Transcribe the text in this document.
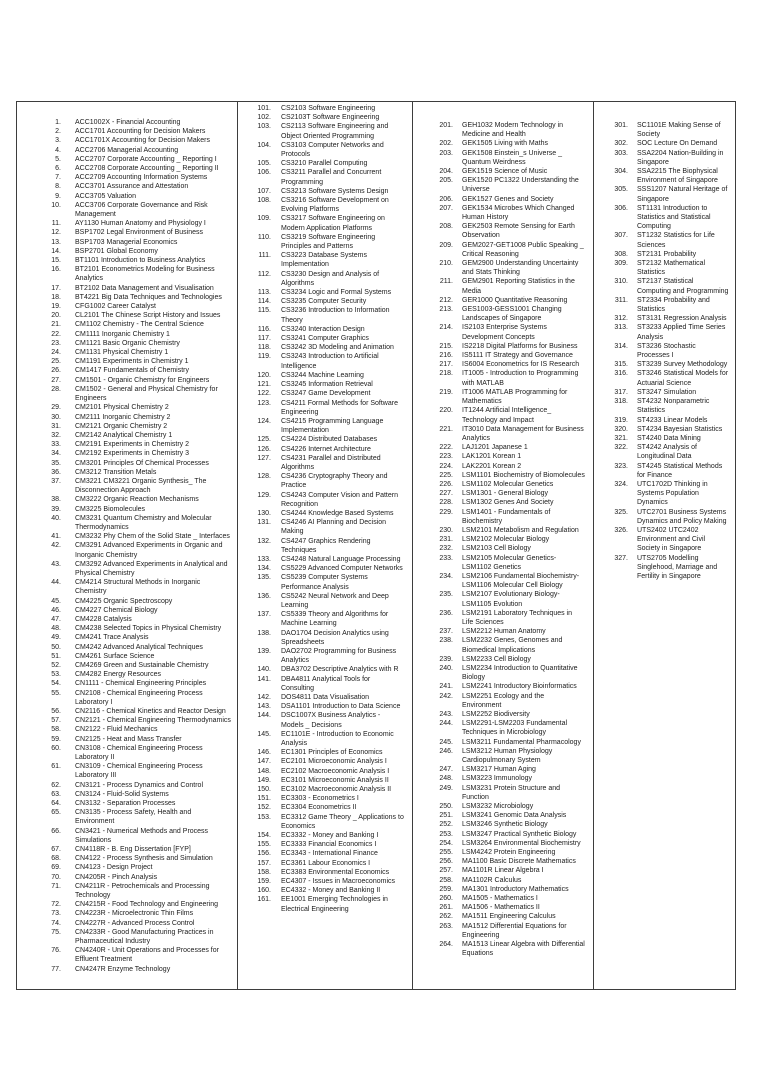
1.	ACC1002X - Financial Accounting
2.	ACC1701 Accounting for Decision Makers
3.	ACC1701X Accounting for Decision Makers
4.	ACC2706 Managerial Accounting
5.	ACC2707 Corporate Accounting _ Reporting I
6.	ACC2708 Corporate Accounting _ Reporting II
7.	ACC2709 Accounting Information Systems
8.	ACC3701 Assurance and Attestation
9.	ACC3705 Valuation
10.	ACC3706 Corporate Governance and Risk Management
11.	AY1130 Human Anatomy and Physiology I
12.	BSP1702 Legal Environment of Business
13.	BSP1703 Managerial Economics
14.	BSP2701 Global Economy
15.	BT1101 Introduction to Business Analytics
16.	BT2101 Econometrics Modeling for Business Analytics
17.	BT2102 Data Management and Visualisation
18.	BT4221 Big Data Techniques and Technologies
19.	CFG1002 Career Catalyst
20.	CL2101 The Chinese Script History and Issues
21.	CM1102 Chemistry - The Central Science
22.	CM1111 Inorganic Chemistry 1
23.	CM1121 Basic Organic Chemistry
24.	CM1131 Physical Chemistry 1
25.	CM1191 Experiments in Chemistry 1
26.	CM1417 Fundamentals of Chemistry
27.	CM1501 - Organic Chemistry for Engineers
28.	CM1502 - General and Physical Chemistry for Engineers
29.	CM2101 Physical Chemistry 2
30.	CM2111 Inorganic Chemistry 2
31.	CM2121 Organic Chemistry 2
32.	CM2142 Analytical Chemistry 1
33.	CM2191 Experiments in Chemistry 2
34.	CM2192 Experiments in Chemistry 3
35.	CM3201 Principles Of Chemical Processes
36.	CM3212 Transition Metals
37.	CM3221 CM3221 Organic Synthesis_ The Disconnection Approach
38.	CM3222 Organic Reaction Mechanisms
39.	CM3225 Biomolecules
40.	CM3231 Quantum Chemistry and Molecular Thermodynamics
41.	CM3232 Phy Chem of the Solid State _ Interfaces
42.	CM3291 Advanced Experiments in Organic and Inorganic Chemistry
43.	CM3292 Advanced Experiments in Analytical and Physical Chemistry
44.	CM4214 Structural Methods in Inorganic Chemistry
45.	CM4225 Organic Spectroscopy
46.	CM4227 Chemical Biology
47.	CM4228 Catalysis
48.	CM4238 Selected Topics in Physical Chemistry
49.	CM4241 Trace Analysis
50.	CM4242 Advanced Analytical Techniques
51.	CM4261 Surface Science
52.	CM4269 Green and Sustainable Chemistry
53.	CM4282 Energy Resources
54.	CN1111 - Chemical Engineering Principles
55.	CN2108 - Chemical Engineering Process Laboratory I
56.	CN2116 - Chemical Kinetics and Reactor Design
57.	CN2121 - Chemical Engineering Thermodynamics
58.	CN2122 - Fluid Mechanics
59.	CN2125 - Heat and Mass Transfer
60.	CN3108 - Chemical Engineering Process Laboratory II
61.	CN3109 - Chemical Engineering Process Laboratory III
62.	CN3121 - Process Dynamics and Control
63.	CN3124 - Fluid-Solid Systems
64.	CN3132 - Separation Processes
65.	CN3135 - Process Safety, Health and Environment
66.	CN3421 - Numerical Methods and Process Simulations
67.	CN4118R - B. Eng Dissertation [FYP]
68.	CN4122 - Process Synthesis and Simulation
69.	CN4123 - Design Project
70.	CN4205R - Pinch Analysis
71.	CN4211R - Petrochemicals and Processing Technology
72.	CN4215R - Food Technology and Engineering
73.	CN4223R - Microelectronic Thin Films
74.	CN4227R - Advanced Process Control
75.	CN4233R - Good Manufacturing Practices in Pharmaceutical Industry
76.	CN4240R - Unit Operations and Processes for Effluent Treatment
77.	CN4247R Enzyme Technology
101.	CS2103 Software Engineering
102.	CS2103T Software Engineering
103.	CS2113 Software Engineering and Object Oriented Programming
104.	CS3103 Computer Networks and Protocols
105.	CS3210 Parallel Computing
106.	CS3211 Parallel and Concurrent Programming
107.	CS3213 Software Systems Design
108.	CS3216 Software Development on Evolving Platforms
109.	CS3217 Software Engineering on Modern Application Platforms
110.	CS3219 Software Engineering Principles and Patterns
111.	CS3223 Database Systems Implementation
112.	CS3230 Design and Analysis of Algorithms
113.	CS3234 Logic and Formal Systems
114.	CS3235 Computer Security
115.	CS3236 Introduction to Information Theory
116.	CS3240 Interaction Design
117.	CS3241 Computer Graphics
118.	CS3242 3D Modeling and Animation
119.	CS3243 Introduction to Artificial Intelligence
120.	CS3244 Machine Learning
121.	CS3245 Information Retrieval
122.	CS3247 Game Development
123.	CS4211 Formal Methods for Software Engineering
124.	CS4215 Programming Language Implementation
125.	CS4224 Distributed Databases
126.	CS4226 Internet Architecture
127.	CS4231 Parallel and Distributed Algorithms
128.	CS4236 Cryptography Theory and Practice
129.	CS4243 Computer Vision and Pattern Recognition
130.	CS4244 Knowledge Based Systems
131.	CS4246 AI Planning and Decision Making
132.	CS4247 Graphics Rendering Techniques
133.	CS4248 Natural Language Processing
134.	CS5229 Advanced Computer Networks
135.	CS5239 Computer Systems Performance Analysis
136.	CS5242 Neural Network and Deep Learning
137.	CS5339 Theory and Algorithms for Machine Learning
138.	DAO1704 Decision Analytics using Spreadsheets
139.	DAO2702 Programming for Business Analytics
140.	DBA3702 Descriptive Analytics with R
141.	DBA4811 Analytical Tools for Consulting
142.	DOS4811 Data Visualisation
143.	DSA1101 Introduction to Data Science
144.	DSC1007X Business Analytics - Models _ Decisions
145.	EC1101E - Introduction to Economic Analysis
146.	EC1301 Principles of Economics
147.	EC2101 Microeconomic Analysis I
148.	EC2102 Macroeconomic Analysis I
149.	EC3101 Microeconomic Analysis II
150.	EC3102 Macroeconomic Analysis II
151.	EC3303 - Econometrics I
152.	EC3304 Econometrics II
153.	EC3312 Game Theory _ Applications to Economics
154.	EC3332 - Money and Banking I
155.	EC3333 Financial Economics I
156.	EC3343 - International Finance
157.	EC3361 Labour Economics I
158.	EC3383 Environmental Economics
159.	EC4307 - Issues in Macroeconomics
160.	EC4332 - Money and Banking II
161.	EE1001 Emerging Technologies in Electrical Engineering
201.	GEH1032 Modern Technology in Medicine and Health
202.	GEK1505 Living with Maths
203.	GEK1508 Einstein_s Universe _ Quantum Weirdness
204.	GEK1519 Science of Music
205.	GEK1520 PC1322 Understanding the Universe
206.	GEK1527 Genes and Society
207.	GEK1534 Microbes Which Changed Human History
208.	GEK2503 Remote Sensing for Earth Observation
209.	GEM2027-GET1008 Public Speaking _ Critical Reasoning
210.	GEM2900 Understanding Uncertainty and Stats Thinking
211.	GEM2901 Reporting Statistics in the Media
212.	GER1000 Quantitative Reasoning
213.	GES1003-GESS1001 Changing Landscapes of Singapore
214.	IS2103 Enterprise Systems Development Concepts
215.	IS2218 Digital Platforms for Business
216.	IS5111 IT Strategy and Governance
217.	IS6004 Econometrics for IS Research
218.	IT1005 - Introduction to Programming with MATLAB
219.	IT1006 MATLAB Programming for Mathematics
220.	IT1244 Artificial Intelligence_ Technology and Impact
221.	IT3010 Data Management for Business Analytics
222.	LAJ1201 Japanese 1
223.	LAK1201 Korean 1
224.	LAK2201 Korean 2
225.	LSM1101 Biochemistry of Biomolecules
226.	LSM1102 Molecular Genetics
227.	LSM1301 - General Biology
228.	LSM1302 Genes And Society
229.	LSM1401 - Fundamentals of Biochemistry
230.	LSM2101 Metabolism and Regulation
231.	LSM2102 Molecular Biology
232.	LSM2103 Cell Biology
233.	LSM2105 Molecular Genetics-LSM1102 Genetics
234.	LSM2106 Fundamental Biochemistry-LSM1106 Molecular Cell Biology
235.	LSM2107 Evolutionary Biology-LSM1105 Evolution
236.	LSM2191 Laboratory Techniques in Life Sciences
237.	LSM2212 Human Anatomy
238.	LSM2232 Genes, Genomes and Biomedical Implications
239.	LSM2233 Cell Biology
240.	LSM2234 Introduction to Quantitative Biology
241.	LSM2241 Introductory Bioinformatics
242.	LSM2251 Ecology and the Environment
243.	LSM2252 Biodiversity
244.	LSM2291-LSM2203 Fundamental Techniques in Microbiology
245.	LSM3211 Fundamental Pharmacology
246.	LSM3212 Human Physiology Cardiopulmonary System
247.	LSM3217 Human Aging
248.	LSM3223 Immunology
249.	LSM3231 Protein Structure and Function
250.	LSM3232 Microbiology
251.	LSM3241 Genomic Data Analysis
252.	LSM3246 Synthetic Biology
253.	LSM3247 Practical Synthetic Biology
254.	LSM3264 Environmental Biochemistry
255.	LSM4242 Protein Engineering
256.	MA1100 Basic Discrete Mathematics
257.	MA1101R Linear Algebra I
258.	MA1102R Calculus
259.	MA1301 Introductory Mathematics
260.	MA1505 - Mathematics I
261.	MA1506 - Mathematics II
262.	MA1511 Engineering Calculus
263.	MA1512 Differential Equations for Engineering
264.	MA1513 Linear Algebra with Differential Equations
301.	SC1101E Making Sense of Society
302.	SOC Lecture On Demand
303.	SSA2204 Nation-Building in Singapore
304.	SSA2215 The Biophysical Environment of Singapore
305.	SSS1207 Natural Heritage of Singapore
306.	ST1131 Introduction to Statistics and Statistical Computing
307.	ST1232 Statistics for Life Sciences
308.	ST2131 Probability
309.	ST2132 Mathematical Statistics
310.	ST2137 Statistical Computing and Programming
311.	ST2334 Probability and Statistics
312.	ST3131 Regression Analysis
313.	ST3233 Applied Time Series Analysis
314.	ST3236 Stochastic Processes I
315.	ST3239 Survey Methodology
316.	ST3246 Statistical Models for Actuarial Science
317.	ST3247 Simulation
318.	ST4232 Nonparametric Statistics
319.	ST4233 Linear Models
320.	ST4234 Bayesian Statistics
321.	ST4240 Data Mining
322.	ST4242 Analysis of Longitudinal Data
323.	ST4245 Statistical Methods for Finance
324.	UTC1702D Thinking in Systems Population Dynamics
325.	UTC2701 Business Systems Dynamics and Policy Making
326.	UTS2402 UTC2402 Environment and Civil Society in Singapore
327.	UTS2705 Modelling Singlehood, Marriage and Fertility in Singapore
